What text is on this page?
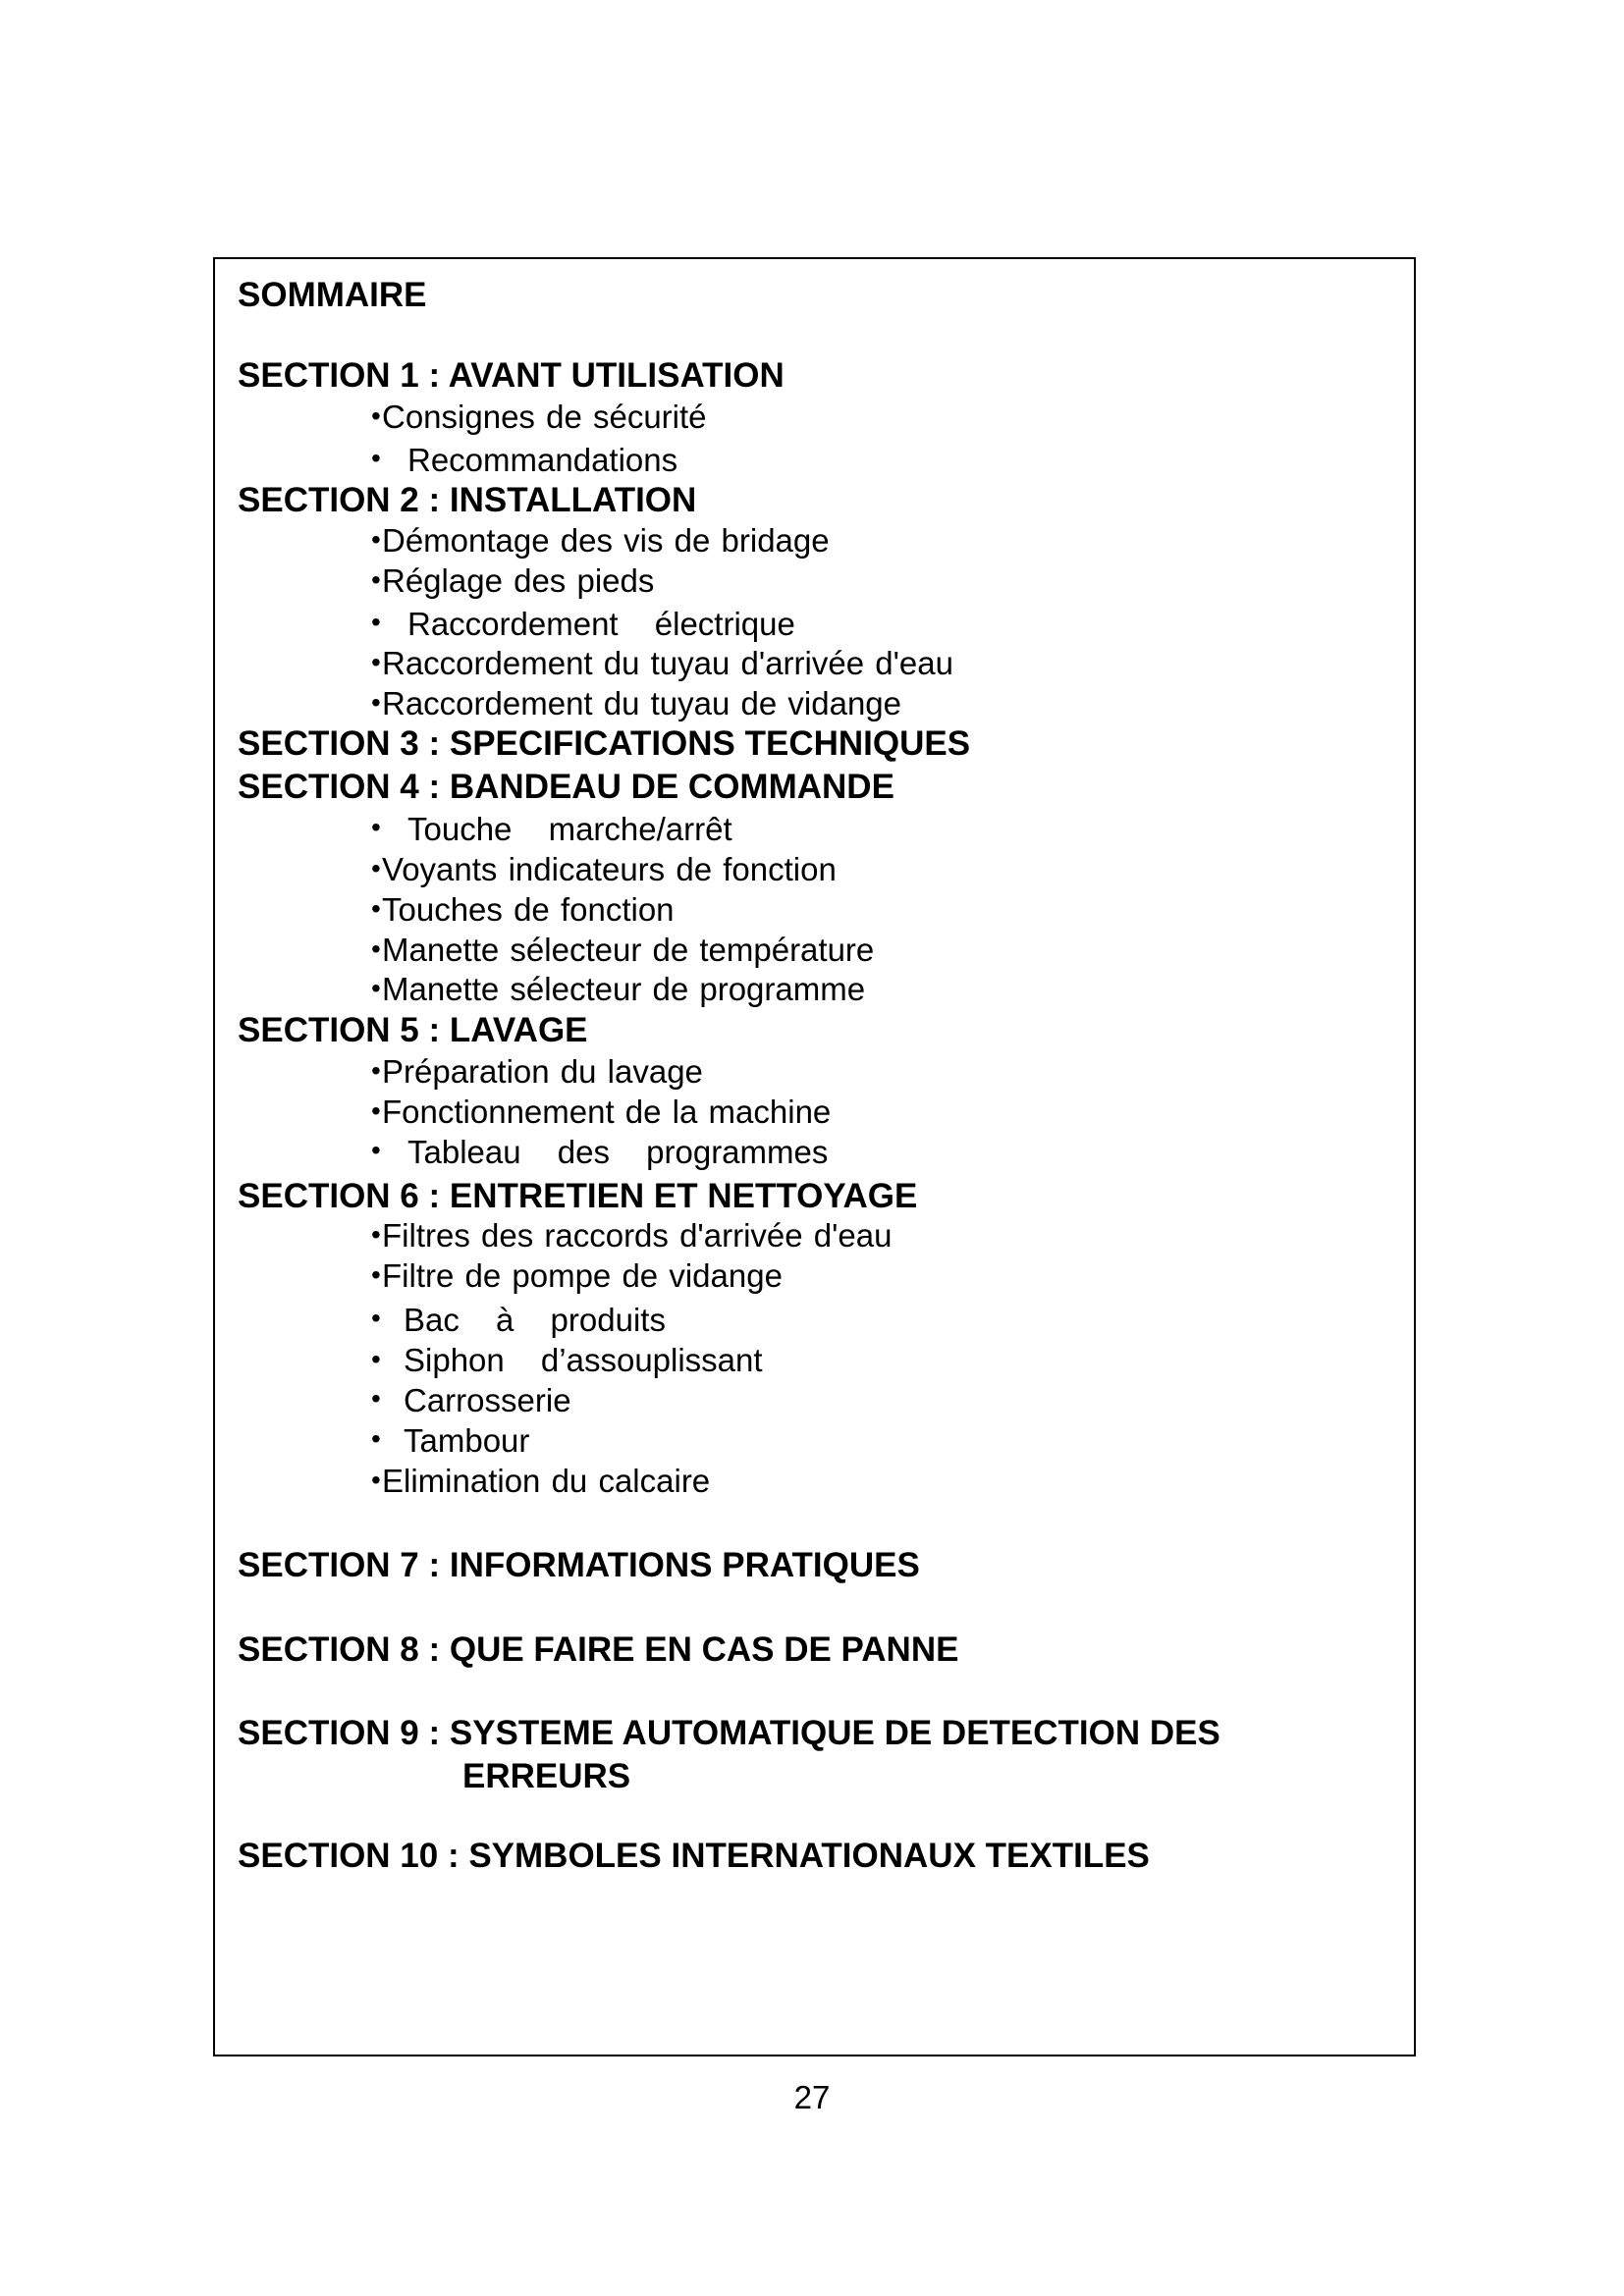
SOMMAIRE
SECTION 1 : AVANT UTILISATION
• Consignes de sécurité
• Recommandations
SECTION 2 : INSTALLATION
• Démontage des vis de bridage
• Réglage des pieds
• Raccordement électrique
• Raccordement du tuyau d'arrivée d'eau
• Raccordement du tuyau de vidange
SECTION 3 : SPECIFICATIONS TECHNIQUES
SECTION 4 : BANDEAU DE COMMANDE
• Touche marche/arrêt
• Voyants indicateurs de fonction
• Touches de fonction
• Manette sélecteur de température
• Manette sélecteur de programme
SECTION 5 : LAVAGE
• Préparation du lavage
• Fonctionnement de la machine
• Tableau des programmes
SECTION 6 : ENTRETIEN ET NETTOYAGE
• Filtres des raccords d'arrivée d'eau
• Filtre de pompe de vidange
• Bac à produits
• Siphon d’assouplissant
• Carrosserie
• Tambour
• Elimination du calcaire
SECTION 7 : INFORMATIONS PRATIQUES
SECTION 8 : QUE FAIRE EN CAS DE PANNE
SECTION 9 : SYSTEME AUTOMATIQUE DE DETECTION DES
ERREURS
SECTION 10 : SYMBOLES INTERNATIONAUX TEXTILES
27
